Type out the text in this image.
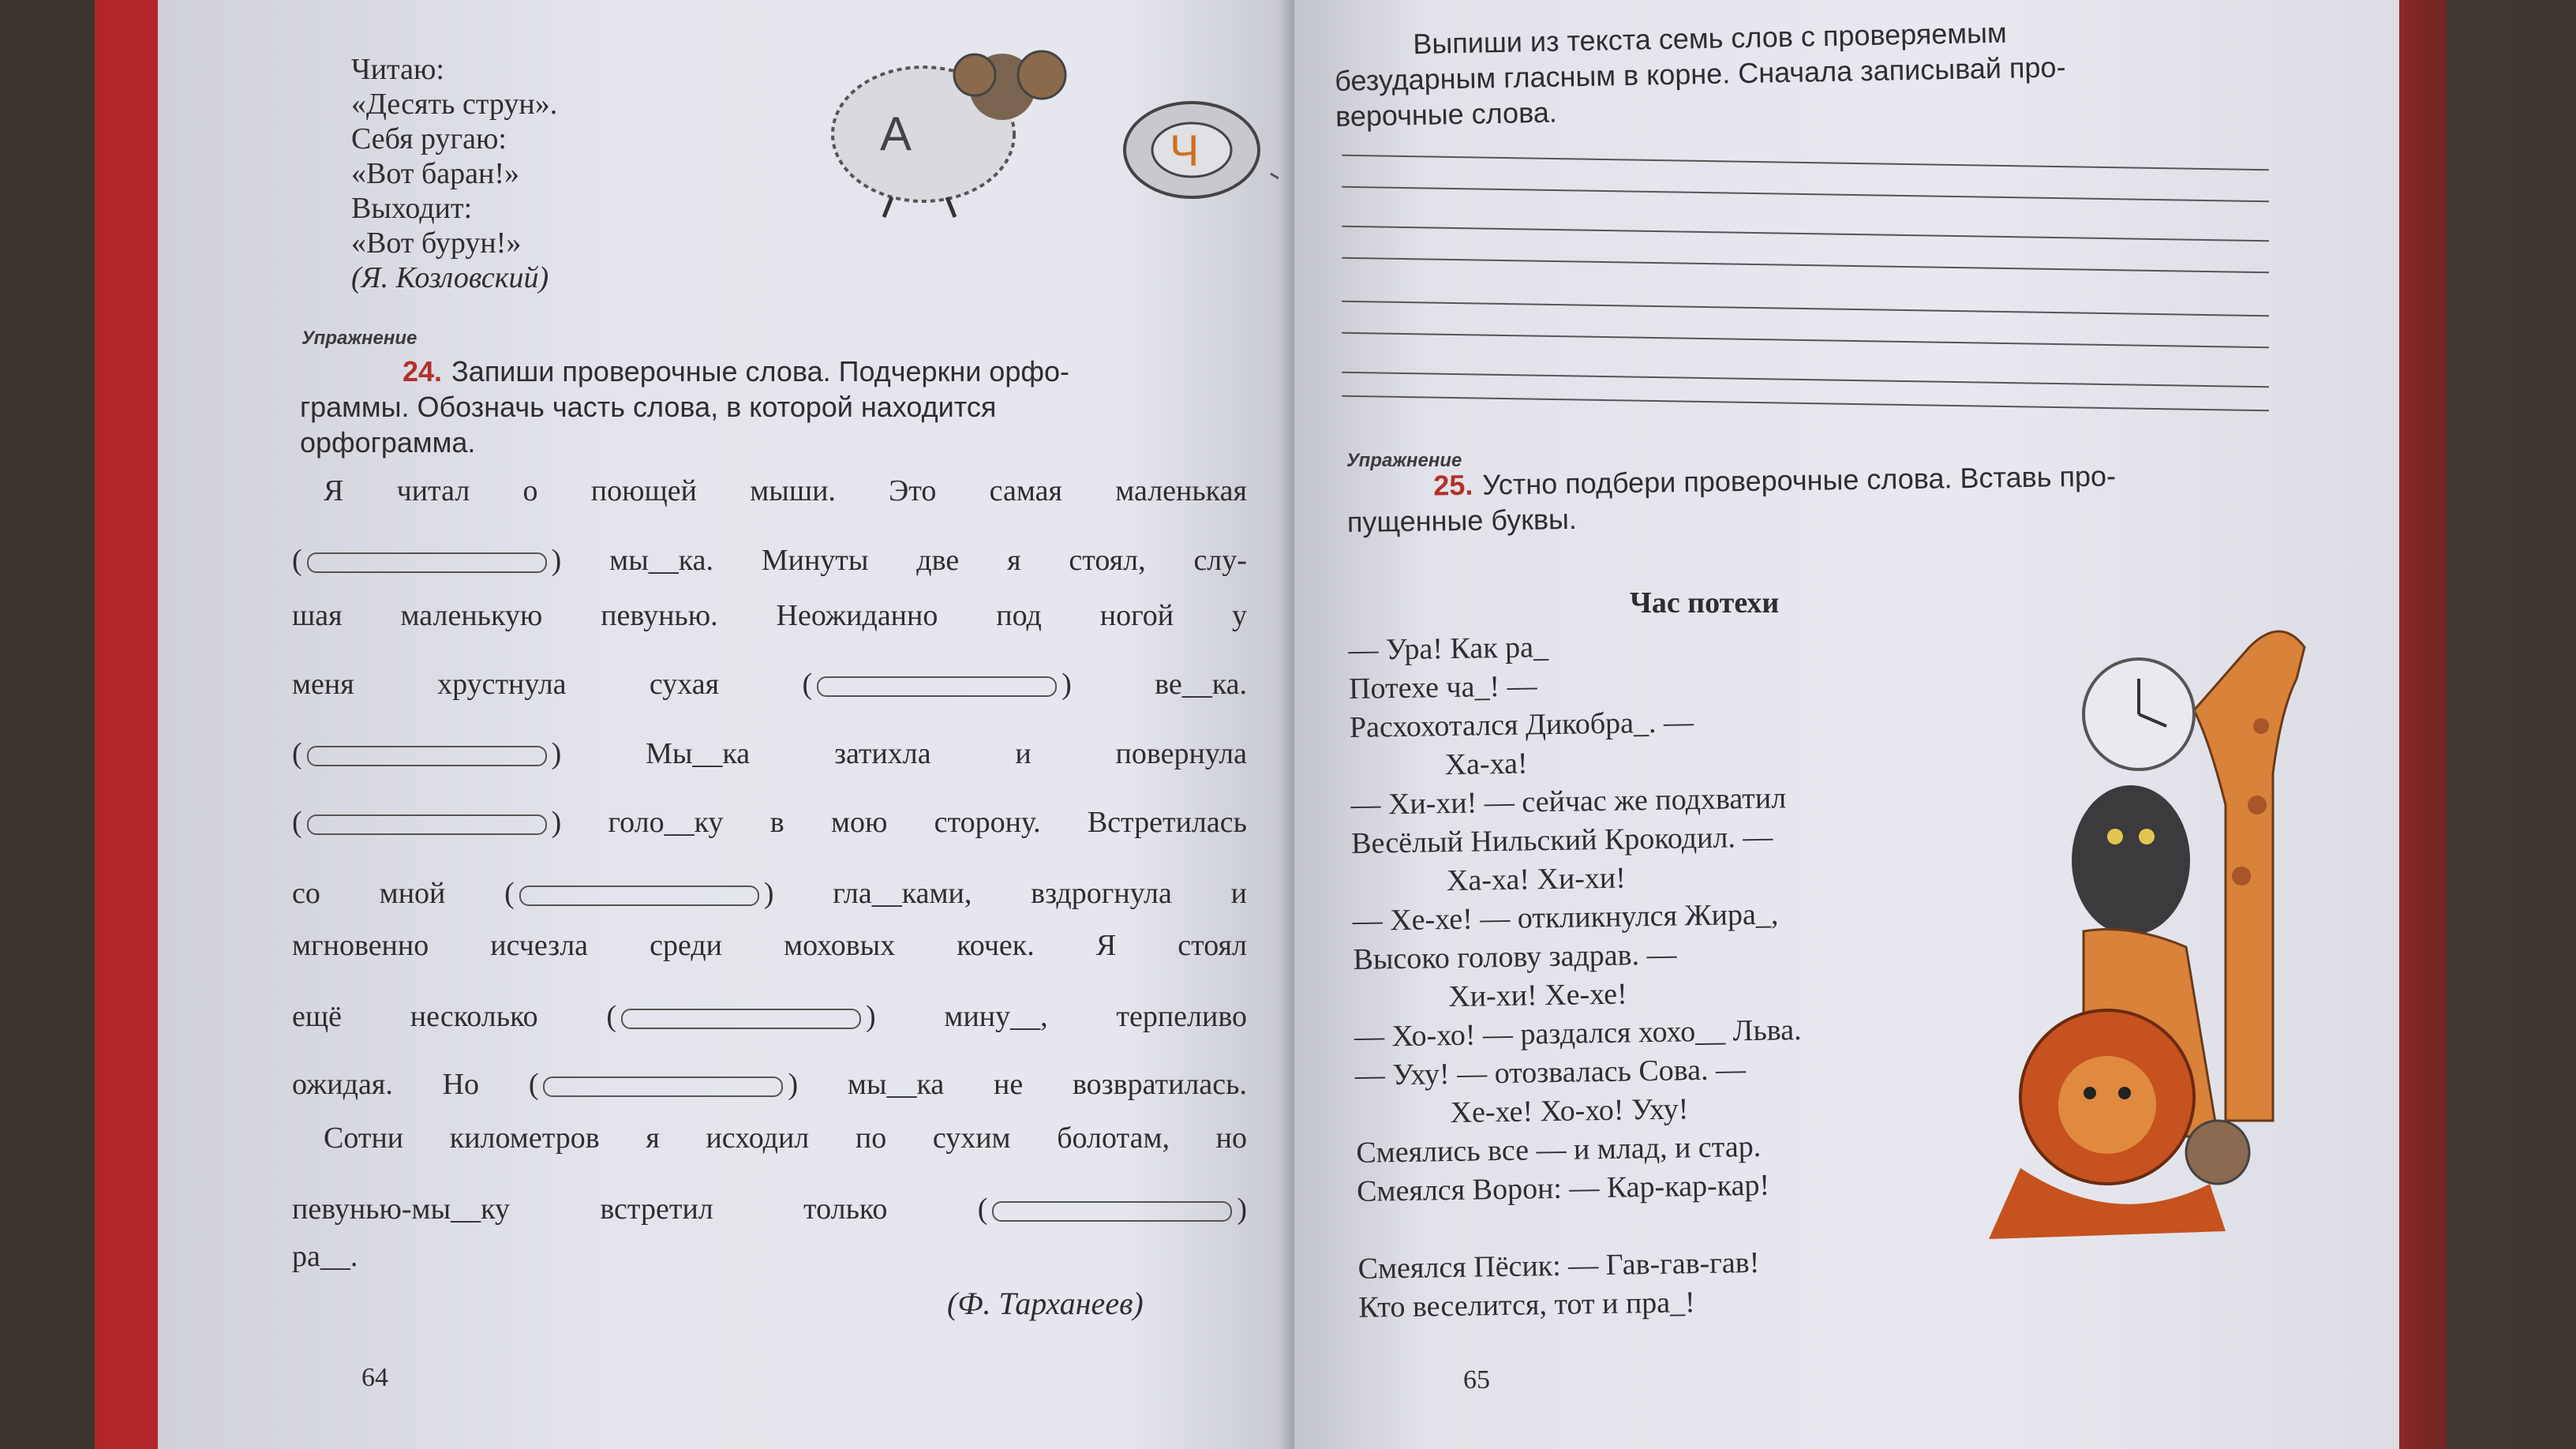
Читаю:
«Десять струн».
Себя ругаю:
«Вот баран!»
Выходит:
«Вот бурун!»
(Я. Козловский)
А	Ч
Упражнение
24. Запиши проверочные слова. Подчеркни орфо-
граммы. Обозначь часть слова, в которой находится
орфограмма.
Я читал о поющей мыши. Это самая маленькая
(	) мы__ка. Минуты две я стоял, слу-
шая маленькую певунью. Неожиданно под ногой у
меня	хрустнула	сухая	(	)	ве__ка.
(	)	Мы__ка	затихла	и	повернула
(	) голо__ку в мою сторону. Встретилась
со мной (	) гла__ками, вздрогнула и
мгновенно исчезла среди моховых кочек. Я стоял
ещё несколько (	) мину__, терпеливо
ожидая. Но (	) мы__ка не возвратилась.
Сотни километров я исходил по сухим болотам, но
певунью-мы__ку	встретил	только	(	)
ра__.
(Ф. Тарханеев)
64
Выпиши из текста семь слов с проверяемым
безударным гласным в корне. Сначала записывай про-
верочные слова.
Упражнение
25. Устно подбери проверочные слова. Вставь про-
пущенные буквы.
Час потехи
— Ура! Как ра_
Потехе ча_! —
Расхохотался Дикобра_. —
Ха-ха!
— Хи-хи! — сейчас же подхватил
Весёлый Нильский Крокодил. —
Ха-ха! Хи-хи!
— Хе-хе! — откликнулся Жира_,
Высоко голову задрав. —
Хи-хи! Хе-хе!
— Хо-хо! — раздался хохо__ Льва.
— Уху! — отозвалась Сова. —
Хе-хе! Хо-хо! Уху!
Смеялись все — и млад, и стар.
Смеялся Ворон: — Кар-кар-кар!

Смеялся Пёсик: — Гав-гав-гав!
Кто веселится, тот и пра_!
65
